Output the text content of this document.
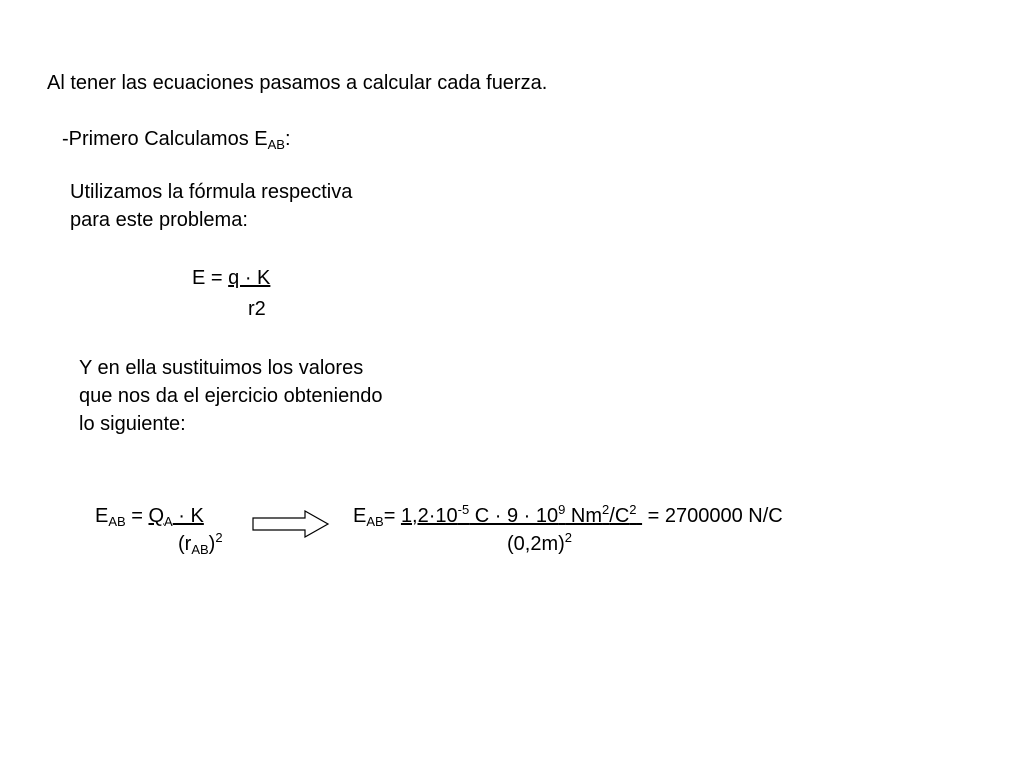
Al tener las ecuaciones pasamos a calcular cada fuerza.
-Primero Calculamos $E_{AB}$:
Utilizamos la fórmula respectiva
para este problema:
E = q · K
r2
Y en ella sustituimos los valores
que nos da el ejercicio obteniendo
lo siguiente:
$E_{AB} = Q_A \cdot K$
$(r_{AB})^2$
$E_{AB}= 1,2\cdot 10^{-5}$ $C \cdot 9 \cdot 10^9$ $Nm^2/C^2 = 2700000$ N/C
$(0,2m)^2$
